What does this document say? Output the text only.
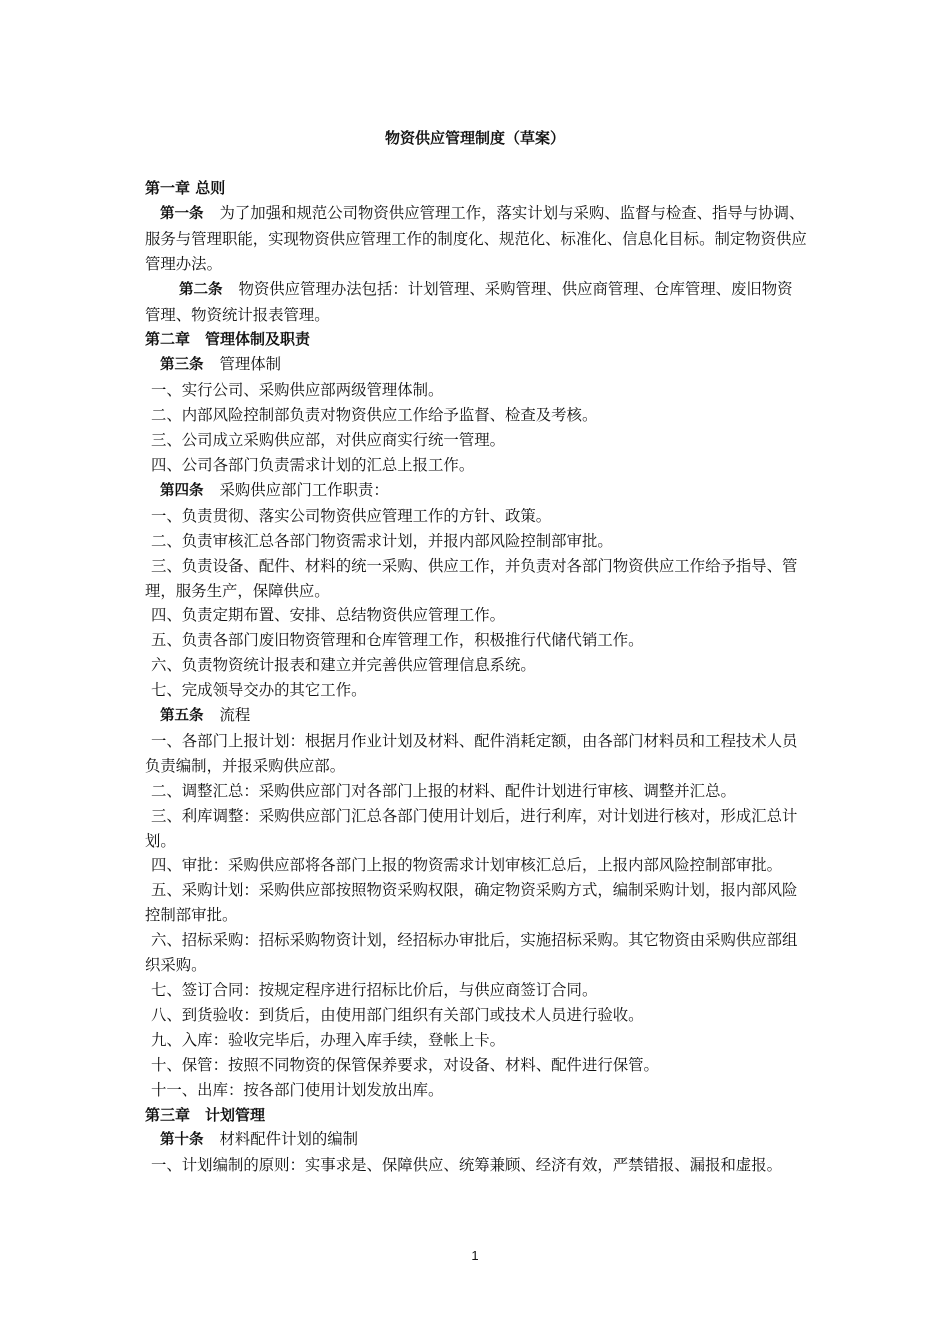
物资供应管理制度（草案）

第一章 总则

第一条 为了加强和规范公司物资供应管理工作，落实计划与采购、监督与检查、指导与协调、服务与管理职能，实现物资供应管理工作的制度化、规范化、标准化、信息化目标。制定物资供应管理办法。

第二条 物资供应管理办法包括：计划管理、采购管理、供应商管理、仓库管理、废旧物资管理、物资统计报表管理。

第二章　管理体制及职责

第三条 管理体制

一、实行公司、采购供应部两级管理体制。

二、内部风险控制部负责对物资供应工作给予监督、检查及考核。

三、公司成立采购供应部，对供应商实行统一管理。

四、公司各部门负责需求计划的汇总上报工作。

第四条 采购供应部门工作职责：

一、负责贯彻、落实公司物资供应管理工作的方针、政策。

二、负责审核汇总各部门物资需求计划，并报内部风险控制部审批。

三、负责设备、配件、材料的统一采购、供应工作，并负责对各部门物资供应工作给予指导、管理，服务生产，保障供应。

四、负责定期布置、安排、总结物资供应管理工作。

五、负责各部门废旧物资管理和仓库管理工作，积极推行代储代销工作。

六、负责物资统计报表和建立并完善供应管理信息系统。

七、完成领导交办的其它工作。

第五条 流程

一、各部门上报计划：根据月作业计划及材料、配件消耗定额，由各部门材料员和工程技术人员负责编制，并报采购供应部。

二、调整汇总：采购供应部门对各部门上报的材料、配件计划进行审核、调整并汇总。

三、利库调整：采购供应部门汇总各部门使用计划后，进行利库，对计划进行核对，形成汇总计划。

四、审批：采购供应部将各部门上报的物资需求计划审核汇总后，上报内部风险控制部审批。

五、采购计划：采购供应部按照物资采购权限，确定物资采购方式，编制采购计划，报内部风险控制部审批。

六、招标采购：招标采购物资计划，经招标办审批后，实施招标采购。其它物资由采购供应部组织采购。

七、签订合同：按规定程序进行招标比价后，与供应商签订合同。

八、到货验收：到货后，由使用部门组织有关部门或技术人员进行验收。

九、入库：验收完毕后，办理入库手续，登帐上卡。

十、保管：按照不同物资的保管保养要求，对设备、材料、配件进行保管。

十一、出库：按各部门使用计划发放出库。

第三章　计划管理

第十条 材料配件计划的编制

一、计划编制的原则：实事求是、保障供应、统筹兼顾、经济有效，严禁错报、漏报和虚报。

1
